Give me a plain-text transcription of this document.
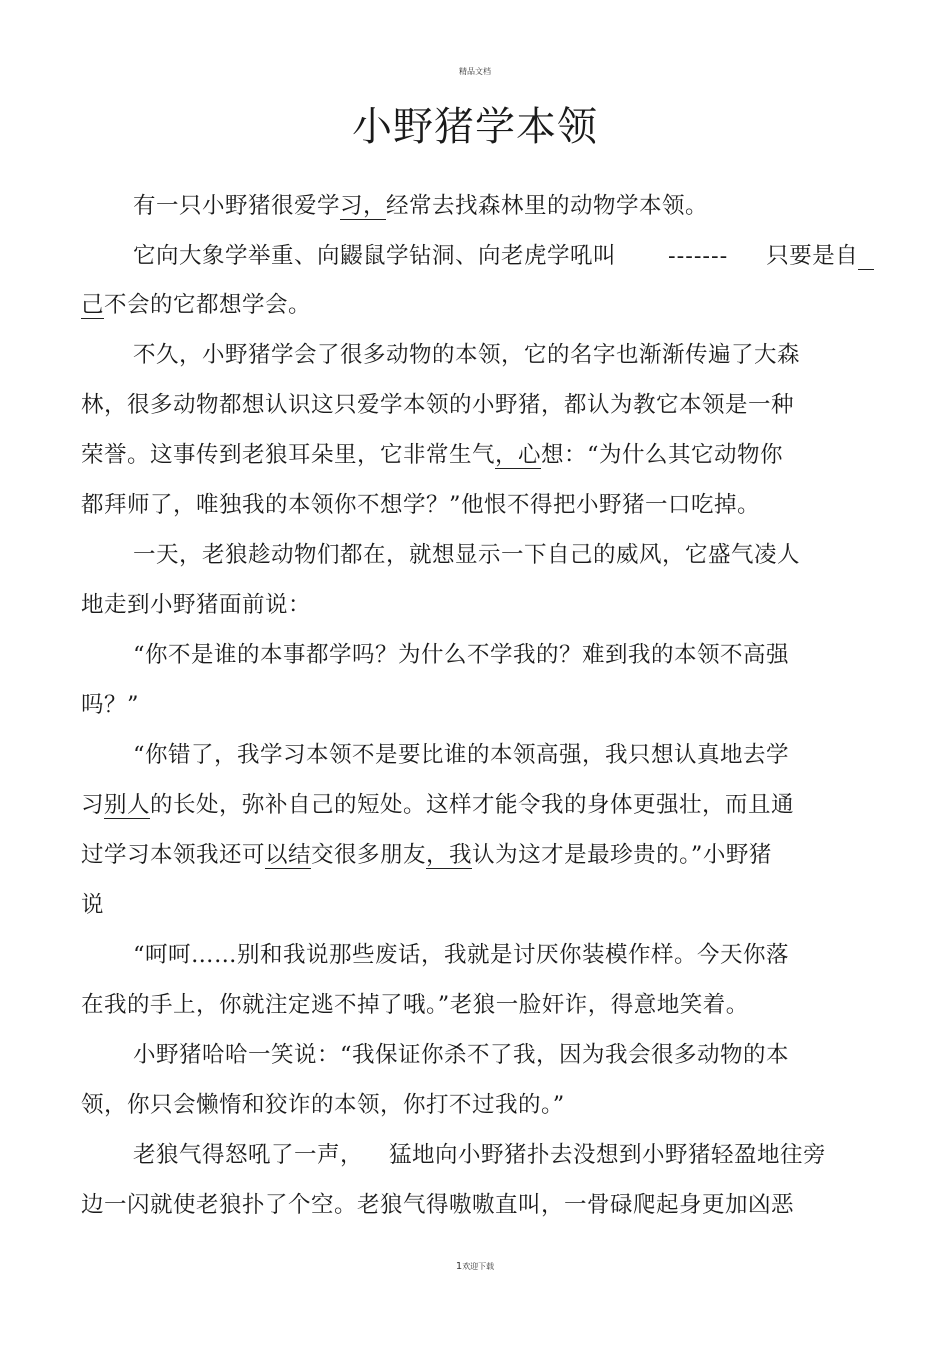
精品文档
小野猪学本领
有一只小野猪很爱学习，经常去找森林里的动物学本领。
它向大象学举重、向鼹鼠学钻洞、向老虎学吼叫 ------- 只要是自
己不会的它都想学会。
不久，小野猪学会了很多动物的本领，它的名字也渐渐传遍了大森
林，很多动物都想认识这只爱学本领的小野猪，都认为教它本领是一种
荣誉。这事传到老狼耳朵里，它非常生气，心想：“为什么其它动物你
都拜师了，唯独我的本领你不想学？”他恨不得把小野猪一口吃掉。
一天，老狼趁动物们都在，就想显示一下自己的威风，它盛气凌人
地走到小野猪面前说：
“你不是谁的本事都学吗？为什么不学我的？难到我的本领不高强
吗？”
“你错了，我学习本领不是要比谁的本领高强，我只想认真地去学
习别人的长处，弥补自己的短处。这样才能令我的身体更强壮，而且通
过学习本领我还可以结交很多朋友，我认为这才是最珍贵的。”小野猪
说
“呵呵……别和我说那些废话，我就是讨厌你装模作样。今天你落
在我的手上，你就注定逃不掉了哦。”老狼一脸奸诈，得意地笑着。
小野猪哈哈一笑说：“我保证你杀不了我，因为我会很多动物的本
领，你只会懒惰和狡诈的本领，你打不过我的。”
老狼气得怒吼了一声， 猛地向小野猪扑去没想到小野猪轻盈地往旁
边一闪就使老狼扑了个空。老狼气得嗷嗷直叫，一骨碌爬起身更加凶恶
1欢迎下载
